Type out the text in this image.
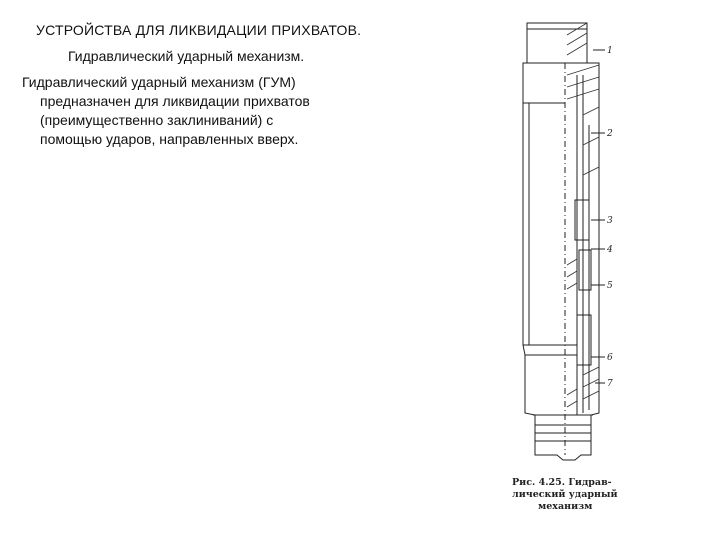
УСТРОЙСТВА ДЛЯ ЛИКВИДАЦИИ ПРИХВАТОВ.
Гидравлический ударный механизм.
Гидравлический ударный механизм (ГУМ)
предназначен для ликвидации прихватов
(преимущественно заклиниваний) с
помощью ударов, направленных вверх.
1
2
3
4
5
6
7
Рис. 4.25. Гидрав-
лический ударный
механизм
